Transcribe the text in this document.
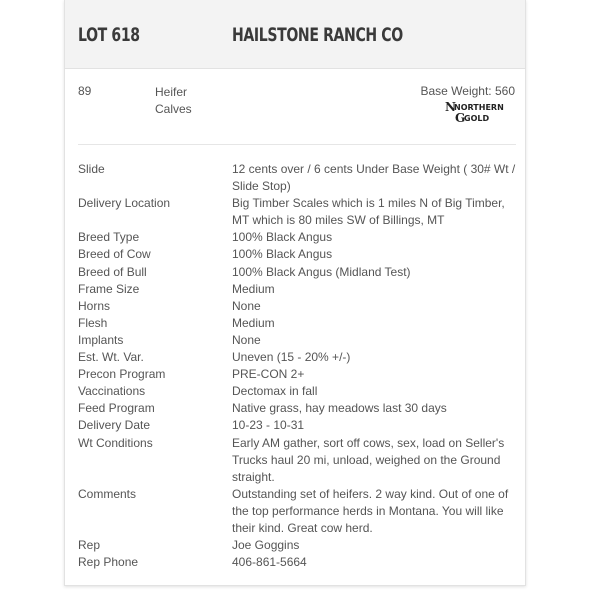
LOT 618	HAILSTONE RANCH CO
89	Heifer Calves
Base Weight: 560
N
NORTHERN
G
GOLD
Slide	12 cents over / 6 cents Under Base Weight ( 30# Wt / Slide Stop)
Delivery Location	Big Timber Scales which is 1 miles N of Big Timber, MT which is 80 miles SW of Billings, MT
Breed Type	100% Black Angus
Breed of Cow	100% Black Angus
Breed of Bull	100% Black Angus (Midland Test)
Frame Size	Medium
Horns	None
Flesh	Medium
Implants	None
Est. Wt. Var.	Uneven (15 - 20% +/-)
Precon Program	PRE-CON 2+
Vaccinations	Dectomax in fall
Feed Program	Native grass, hay meadows last 30 days
Delivery Date	10-23 - 10-31
Wt Conditions	Early AM gather, sort off cows, sex, load on Seller's Trucks haul 20 mi, unload, weighed on the Ground straight.
Comments	Outstanding set of heifers. 2 way kind. Out of one of the top performance herds in Montana. You will like their kind. Great cow herd.
Rep	Joe Goggins
Rep Phone	406-861-5664
